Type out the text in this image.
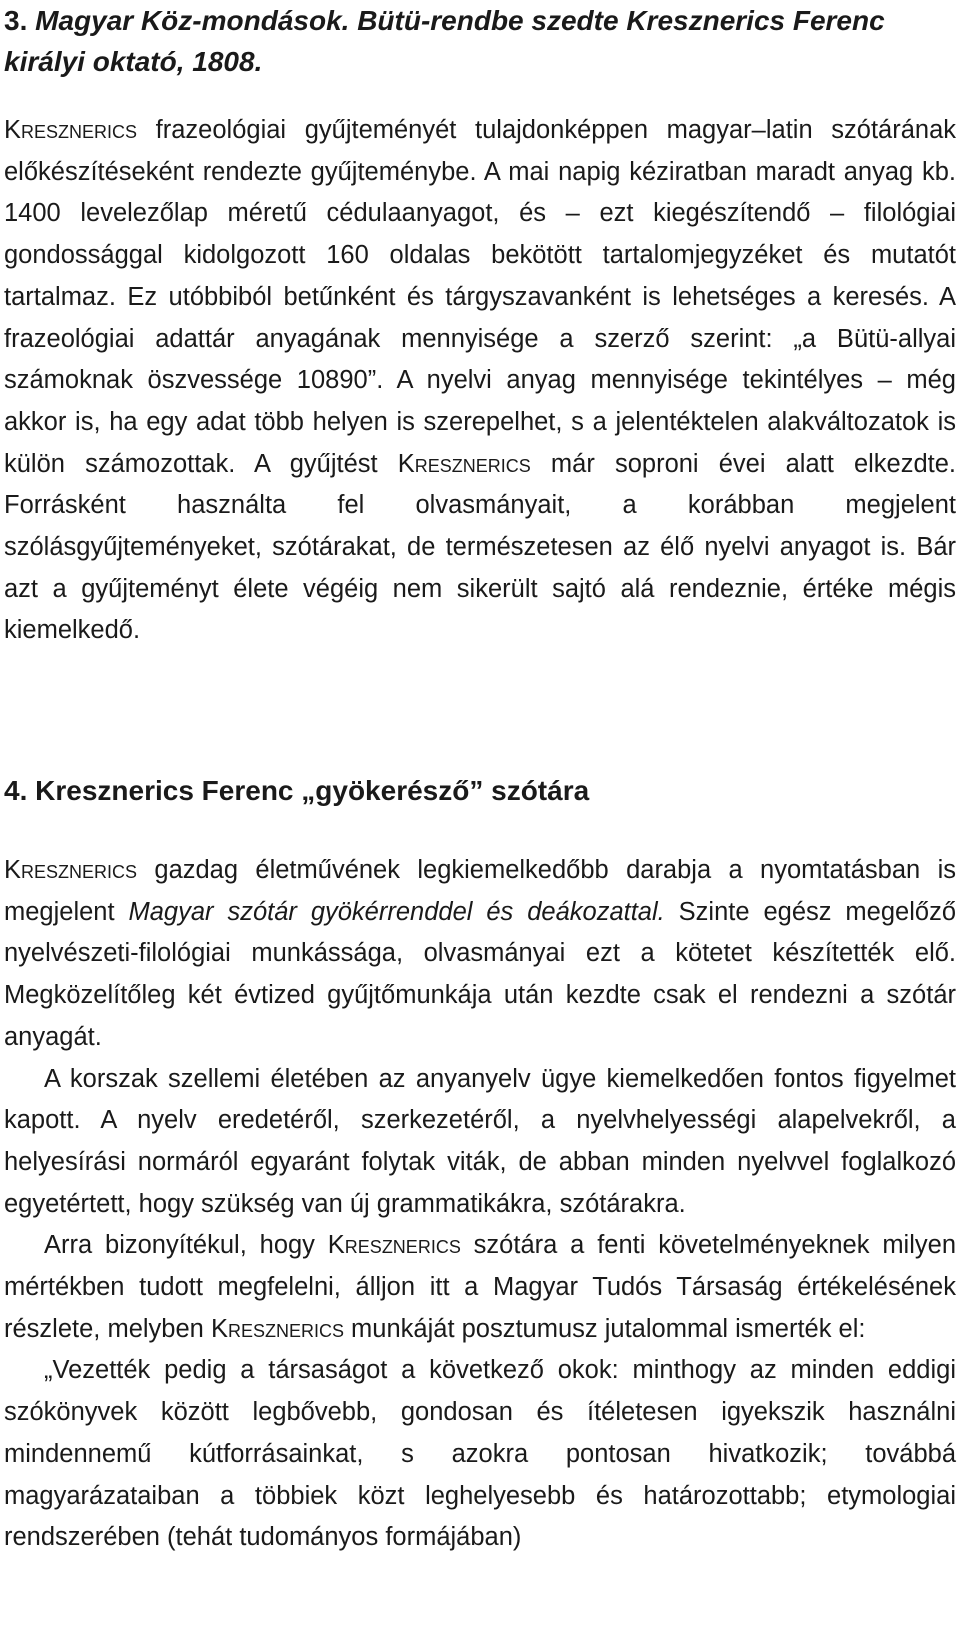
3. Magyar Köz-mondások. Bütü-rendbe szedte Kresznerics Ferenc királyi oktató, 1808.

Kresznerics frazeológiai gyűjteményét tulajdonképpen magyar–latin szótárának előkészítéseként rendezte gyűjteménybe. A mai napig kéziratban maradt anyag kb. 1400 levelezőlap méretű cédulaanyagot, és – ezt kiegészítendő – filológiai gondossággal kidolgozott 160 oldalas bekötött tartalomjegyzéket és mutatót tartalmaz. Ez utóbbiból betűnként és tárgyszavanként is lehetséges a keresés. A frazeológiai adattár anyagának mennyisége a szerző szerint: „a Bütü-allyai számoknak öszvessége 10890”. A nyelvi anyag mennyisége tekintélyes – még akkor is, ha egy adat több helyen is szerepelhet, s a jelentéktelen alakváltozatok is külön számozottak. A gyűjtést Kresznerics már soproni évei alatt elkezdte. Forrásként használta fel olvasmányait, a korábban megjelent szólásgyűjteményeket, szótárakat, de természetesen az élő nyelvi anyagot is. Bár azt a gyűjteményt élete végéig nem sikerült sajtó alá rendeznie, értéke mégis kiemelkedő.

4. Kresznerics Ferenc „gyökerésző” szótára

Kresznerics gazdag életművének legkiemelkedőbb darabja a nyomtatásban is megjelent Magyar szótár gyökérrenddel és deákozattal. Szinte egész megelőző nyelvészeti-filológiai munkássága, olvasmányai ezt a kötetet készítették elő. Megközelítőleg két évtized gyűjtőmunkája után kezdte csak el rendezni a szótár anyagát.

A korszak szellemi életében az anyanyelv ügye kiemelkedően fontos figyelmet kapott. A nyelv eredetéről, szerkezetéről, a nyelvhelyességi alapelvekről, a helyesírási normáról egyaránt folytak viták, de abban minden nyelvvel foglalkozó egyetértett, hogy szükség van új grammatikákra, szótárakra.

Arra bizonyítékul, hogy Kresznerics szótára a fenti követelményeknek milyen mértékben tudott megfelelni, álljon itt a Magyar Tudós Társaság értékelésének részlete, melyben Kresznerics munkáját posztumusz jutalommal ismerték el:

„Vezették pedig a társaságot a következő okok: minthogy az minden eddigi szókönyvek között legbővebb, gondosan és ítéletesen igyekszik használni mindennemű kútforrásainkat, s azokra pontosan hivatkozik; továbbá magyarázataiban a többiek közt leghelyesebb és határozottabb; etymologiai rendszerében (tehát tudományos formájában)
